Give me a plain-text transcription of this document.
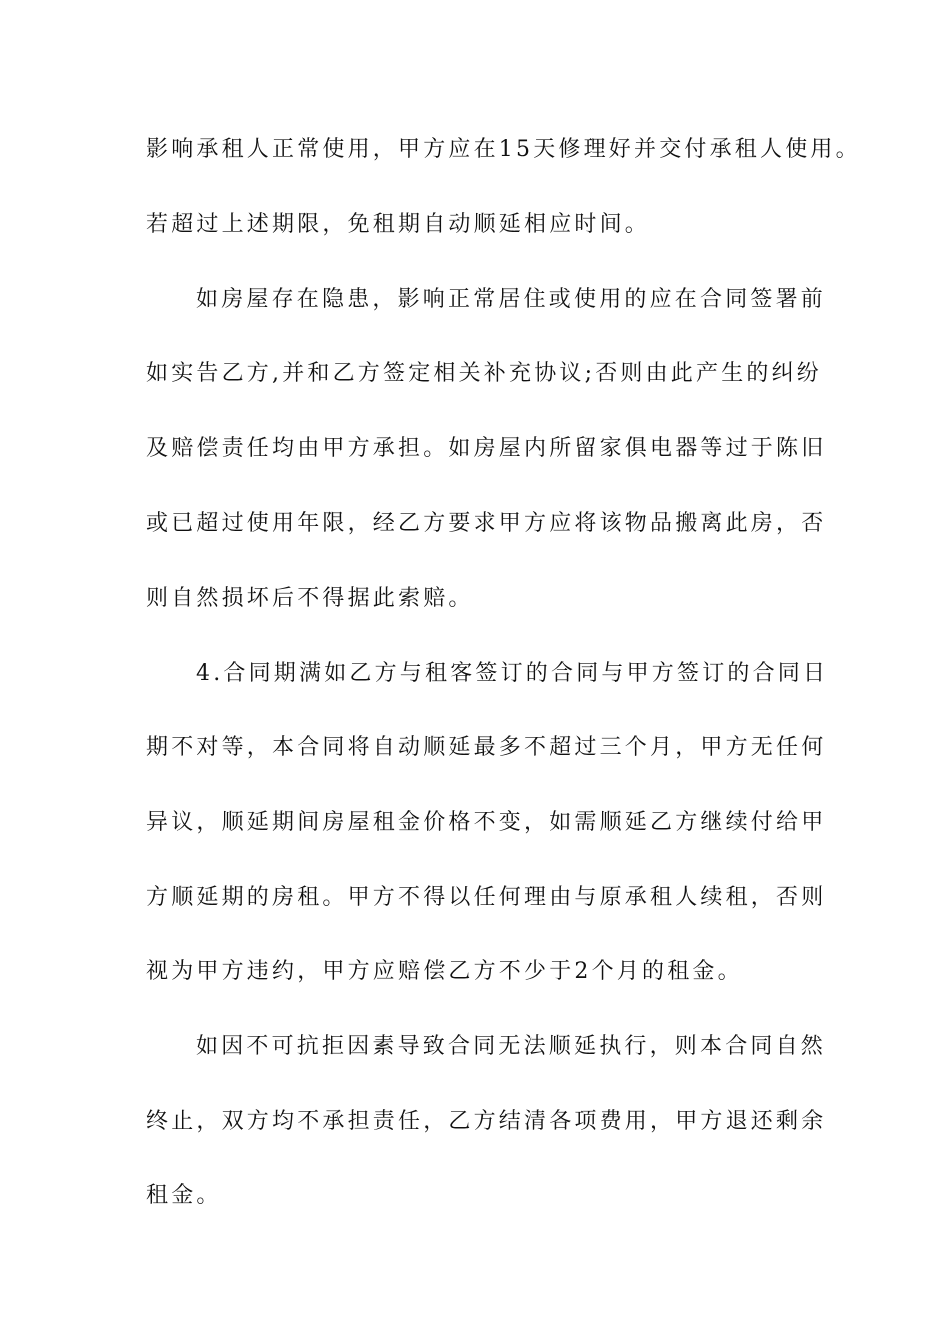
影响承租人正常使用，甲方应在15天修理好并交付承租人使用。
若超过上述期限，免租期自动顺延相应时间。
如房屋存在隐患，影响正常居住或使用的应在合同签署前
如实告乙方,并和乙方签定相关补充协议;否则由此产生的纠纷
及赔偿责任均由甲方承担。如房屋内所留家俱电器等过于陈旧
或已超过使用年限，经乙方要求甲方应将该物品搬离此房，否
则自然损坏后不得据此索赔。
4.合同期满如乙方与租客签订的合同与甲方签订的合同日
期不对等，本合同将自动顺延最多不超过三个月，甲方无任何
异议，顺延期间房屋租金价格不变，如需顺延乙方继续付给甲
方顺延期的房租。甲方不得以任何理由与原承租人续租，否则
视为甲方违约，甲方应赔偿乙方不少于2个月的租金。
如因不可抗拒因素导致合同无法顺延执行，则本合同自然
终止，双方均不承担责任，乙方结清各项费用，甲方退还剩余
租金。
